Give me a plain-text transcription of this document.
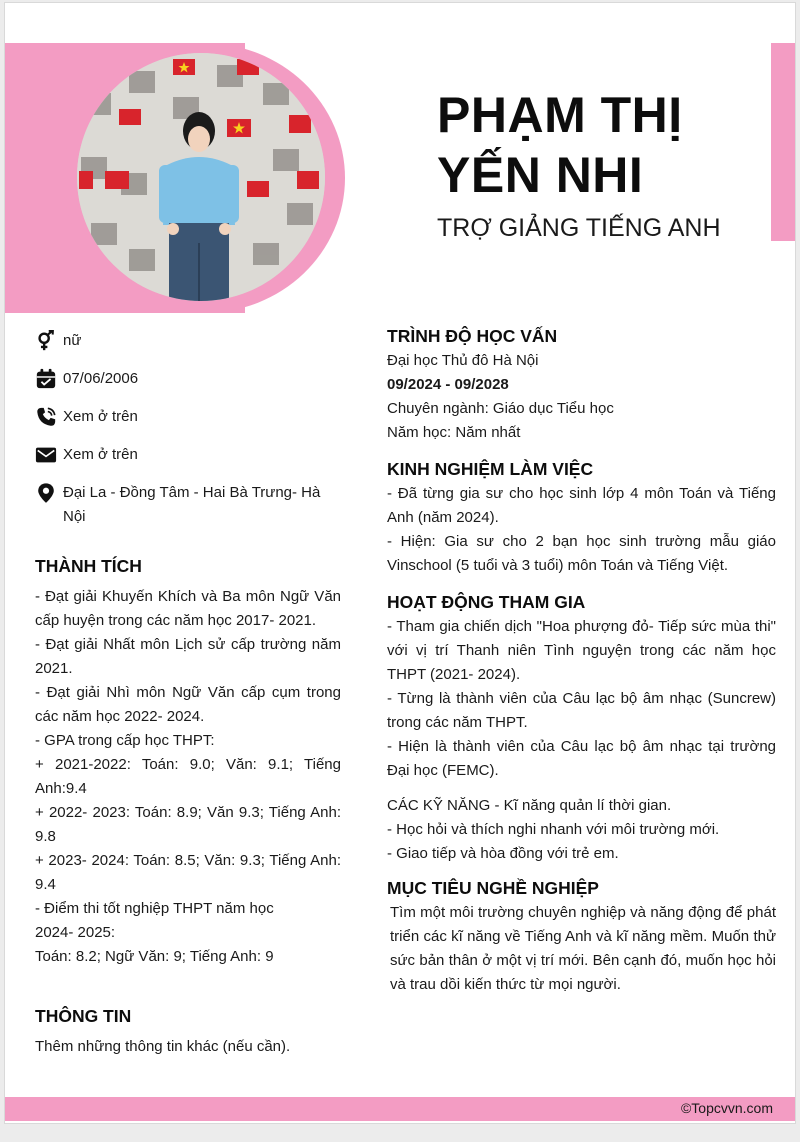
PHẠM THỊ
YẾN NHI
TRỢ GIẢNG TIẾNG ANH
nữ
07/06/2006
Xem ở trên
Xem ở trên
Đại La - Đồng Tâm - Hai Bà Trưng- Hà Nội
THÀNH TÍCH
- Đạt giải Khuyến Khích và Ba môn Ngữ Văn cấp huyện trong các năm học 2017- 2021.
- Đạt giải Nhất môn Lịch sử cấp trường năm 2021.
- Đạt giải Nhì môn Ngữ Văn cấp cụm trong các năm học 2022- 2024.
- GPA trong cấp học THPT:
+ 2021-2022: Toán: 9.0; Văn: 9.1; Tiếng Anh:9.4
+ 2022- 2023: Toán: 8.9; Văn 9.3; Tiếng Anh: 9.8
+ 2023- 2024: Toán: 8.5; Văn: 9.3; Tiếng Anh: 9.4
- Điểm thi tốt nghiệp THPT năm học
2024- 2025:
Toán: 8.2; Ngữ Văn: 9; Tiếng Anh: 9
THÔNG TIN
Thêm những thông tin khác (nếu cần).
TRÌNH ĐỘ HỌC VẤN
Đại học Thủ đô Hà Nội
09/2024 - 09/2028
Chuyên ngành: Giáo dục Tiểu học
Năm học: Năm nhất
KINH NGHIỆM LÀM VIỆC
- Đã từng gia sư cho học sinh lớp 4 môn Toán và Tiếng Anh (năm 2024).
- Hiện: Gia sư cho 2 bạn học sinh trường mẫu giáo Vinschool (5 tuổi và 3 tuổi) môn Toán và Tiếng Việt.
HOẠT ĐỘNG THAM GIA
- Tham gia chiến dịch "Hoa phượng đỏ- Tiếp sức mùa thi" với vị trí Thanh niên Tình nguyện trong các năm học THPT (2021- 2024).
- Từng là thành viên của Câu lạc bộ âm nhạc (Suncrew) trong các năm THPT.
- Hiện là thành viên của Câu lạc bộ âm nhạc tại trường Đại học (FEMC).
CÁC KỸ NĂNG - Kĩ năng quản lí thời gian.
- Học hỏi và thích nghi nhanh với môi trường mới.
- Giao tiếp và hòa đồng với trẻ em.
MỤC TIÊU NGHỀ NGHIỆP
Tìm một môi trường chuyên nghiệp và năng động để phát triển các kĩ năng về Tiếng Anh và kĩ năng mềm. Muốn thử sức bản thân ở một vị trí mới. Bên cạnh đó, muốn học hỏi và trau dồi kiến thức từ mọi người.
©Topcvvn.com
